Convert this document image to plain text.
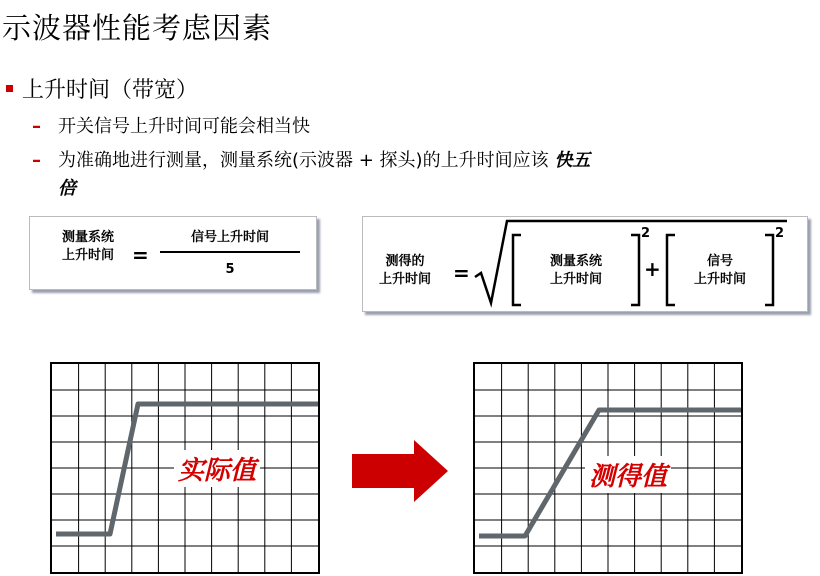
示波器性能考虑因素
上升时间（带宽）
– 开关信号上升时间可能会相当快
– 为准确地进行测量，测量系统(示波器 + 探头)的上升时间应该 快五
倍
测量系统
上升时间 =
信号上升时间
5
测得的
上升时间	=	测量系统
上升时间
2
+	信号
上升时间
2
实际值	测得值
